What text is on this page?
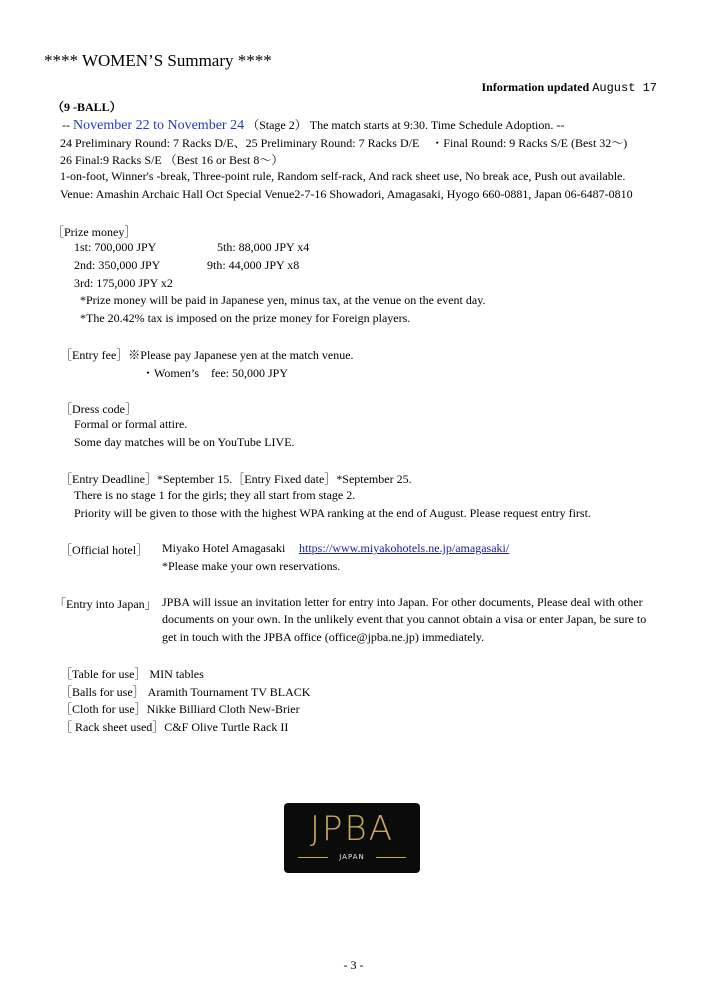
**** WOMEN’S Summary ****
Information updated August 17
（9 -BALL）
-- November 22 to November 24 （Stage 2） The match starts at 9:30. Time Schedule Adoption. --
24 Preliminary Round: 7 Racks D/E、25 Preliminary Round: 7 Racks D/E　・Final Round: 9 Racks S/E (Best 32～)
26 Final:9 Racks S/E （Best 16 or Best 8～）
1-on-foot, Winner's -break, Three-point rule, Random self-rack, And rack sheet use, No break ace, Push out available.
Venue: Amashin Archaic Hall Oct Special Venue2-7-16 Showadori, Amagasaki, Hyogo 660-0881, Japan 06-6487-0810
［Prize money］
1st: 700,000 JPY	5th: 88,000 JPY x4
2nd: 350,000 JPY	9th: 44,000 JPY x8
3rd: 175,000 JPY x2
*Prize money will be paid in Japanese yen, minus tax, at the venue on the event day.
*The 20.42% tax is imposed on the prize money for Foreign players.
［Entry fee］※Please pay Japanese yen at the match venue.
・Women’s　fee: 50,000 JPY
［Dress code］
Formal or formal attire.
Some day matches will be on YouTube LIVE.
［Entry Deadline］*September 15.［Entry Fixed date］*September 25.
There is no stage 1 for the girls; they all start from stage 2.
Priority will be given to those with the highest WPA ranking at the end of August. Please request entry first.
［Official hotel］ Miyako Hotel Amagasaki https://www.miyakohotels.ne.jp/amagasaki/
*Please make your own reservations.
｢Entry into Japan｣ JPBA will issue an invitation letter for entry into Japan. For other documents, Please deal with other
documents on your own. In the unlikely event that you cannot obtain a visa or enter Japan, be sure to
get in touch with the JPBA office (office@jpba.ne.jp) immediately.
［Table for use］ MIN tables
［Balls for use］ Aramith Tournament TV BLACK
［Cloth for use］Nikke Billiard Cloth New-Brier
［ Rack sheet used］C&F Olive Turtle Rack II
JPBA
JAPAN
- 3 -
